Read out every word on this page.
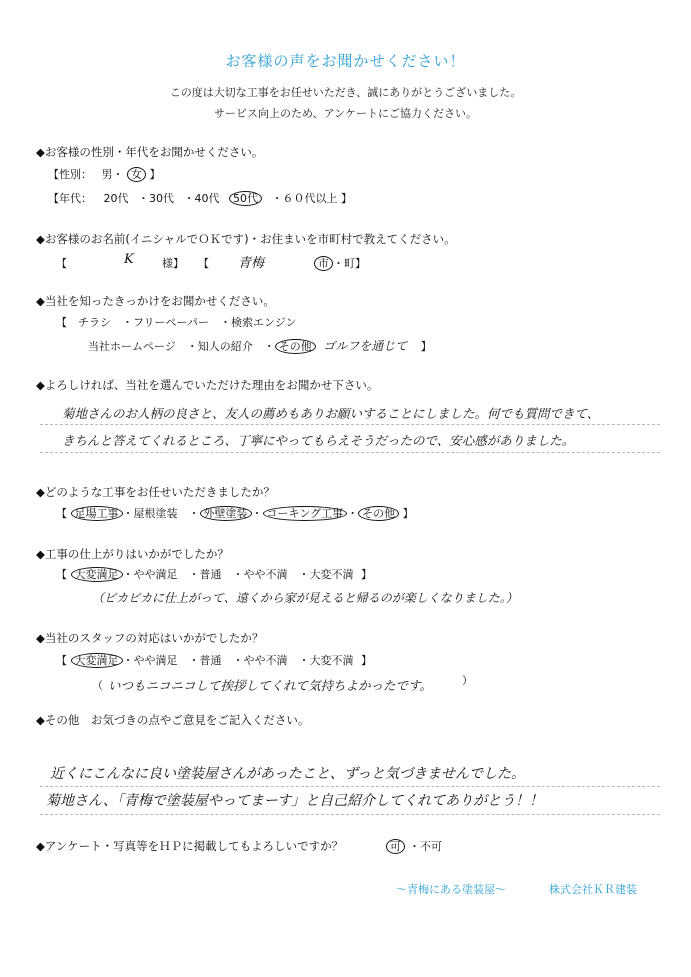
お客様の声をお聞かせください！
この度は大切な工事をお任せいただき、誠にありがとうございました。
サービス向上のため、アンケートにご協力ください。
◆お客様の性別・年代をお聞かせください。
【性別： 男・ 女 】
【年代： 20代 ・30代 ・40代 50代 ・６０代以上 】
◆お客様のお名前(イニシャルでＯＫです)・お住まいを市町村で教えてください。
【	K	様】 【 青梅	市 ・町】
◆当社を知ったきっかけをお聞かせください。
【　チラシ　・フリーペーパー　・検索エンジン
当社ホームページ　・知人の紹介　・ その他 ゴルフを通じて 】
◆よろしければ、当社を選んでいただけた理由をお聞かせ下さい。
菊地さんのお人柄の良さと、友人の薦めもありお願いすることにしました。何でも質問できて、
きちんと答えてくれるところ、丁寧にやってもらえそうだったので、安心感がありました。
◆どのような工事をお任せいただきましたか？
【 足場工事 ・屋根塗装　・ 外壁塗装 ・ コーキング工事 ・ その他 】
◆工事の仕上がりはいかがでしたか？
【 大変満足 ・やや満足　・普通　・やや不満　・大変不満 】
（ピカピカに仕上がって、遠くから家が見えると帰るのが楽しくなりました。）
◆当社のスタッフの対応はいかがでしたか？
【 大変満足 ・やや満足　・普通　・やや不満　・大変不満 】
（ いつもニコニコして挨拶してくれて気持ちよかったです。	）
◆その他　お気づきの点やご意見をご記入ください。
近くにこんなに良い塗装屋さんがあったこと、ずっと気づきませんでした。
菊地さん、「青梅で塗装屋やってまーす」と自己紹介してくれてありがとう！！
◆アンケート・写真等をＨＰに掲載してもよろしいですか？	可 ・不可
～青梅にある塗装屋～	株式会社ＫＲ建装
